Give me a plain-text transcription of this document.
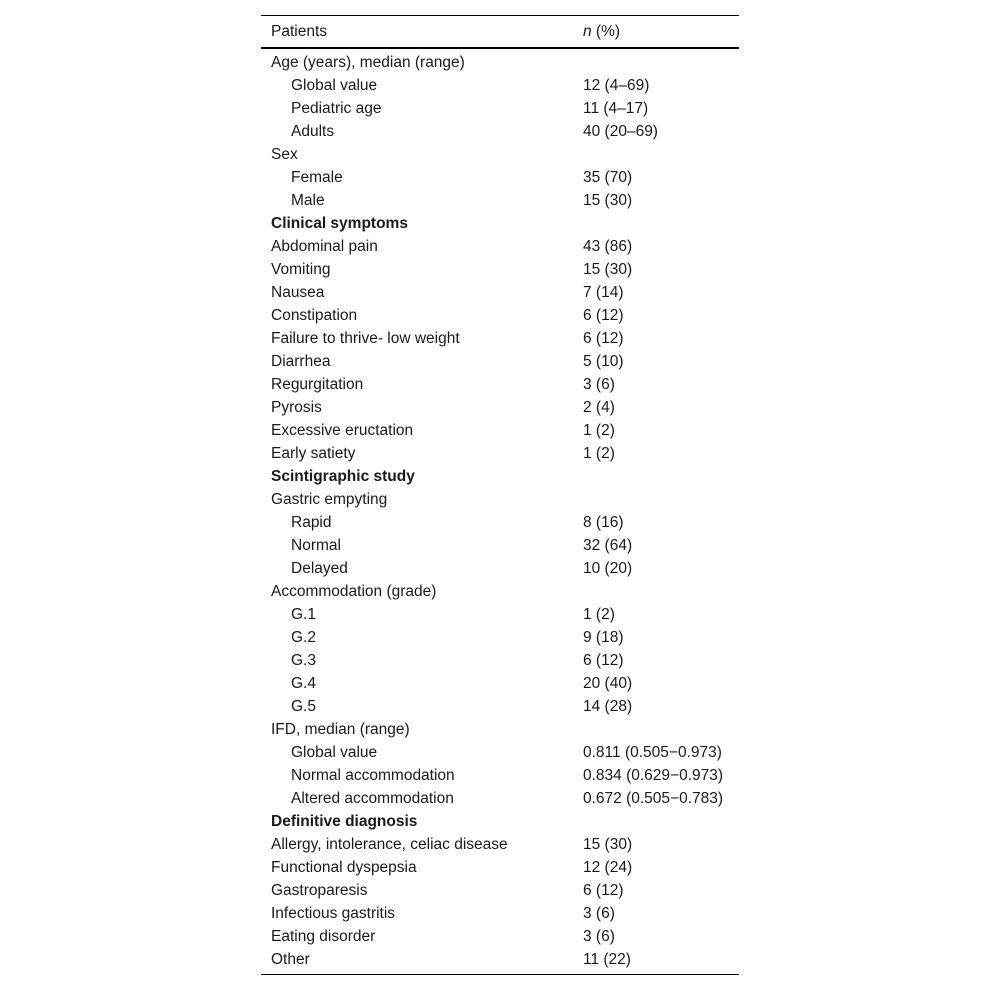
Patients	n (%)
Age (years), median (range)	
Global value	12 (4–69)
Pediatric age	11 (4–17)
Adults	40 (20–69)
Sex	
Female	35 (70)
Male	15 (30)
Clinical symptoms	
Abdominal pain	43 (86)
Vomiting	15 (30)
Nausea	7 (14)
Constipation	6 (12)
Failure to thrive- low weight	6 (12)
Diarrhea	5 (10)
Regurgitation	3 (6)
Pyrosis	2 (4)
Excessive eructation	1 (2)
Early satiety	1 (2)
Scintigraphic study	
Gastric empyting	
Rapid	8 (16)
Normal	32 (64)
Delayed	10 (20)
Accommodation (grade)	
G.1	1 (2)
G.2	9 (18)
G.3	6 (12)
G.4	20 (40)
G.5	14 (28)
IFD, median (range)	
Global value	0.811 (0.505−0.973)
Normal accommodation	0.834 (0.629−0.973)
Altered accommodation	0.672 (0.505−0.783)
Definitive diagnosis	
Allergy, intolerance, celiac disease	15 (30)
Functional dyspepsia	12 (24)
Gastroparesis	6 (12)
Infectious gastritis	3 (6)
Eating disorder	3 (6)
Other	11 (22)
